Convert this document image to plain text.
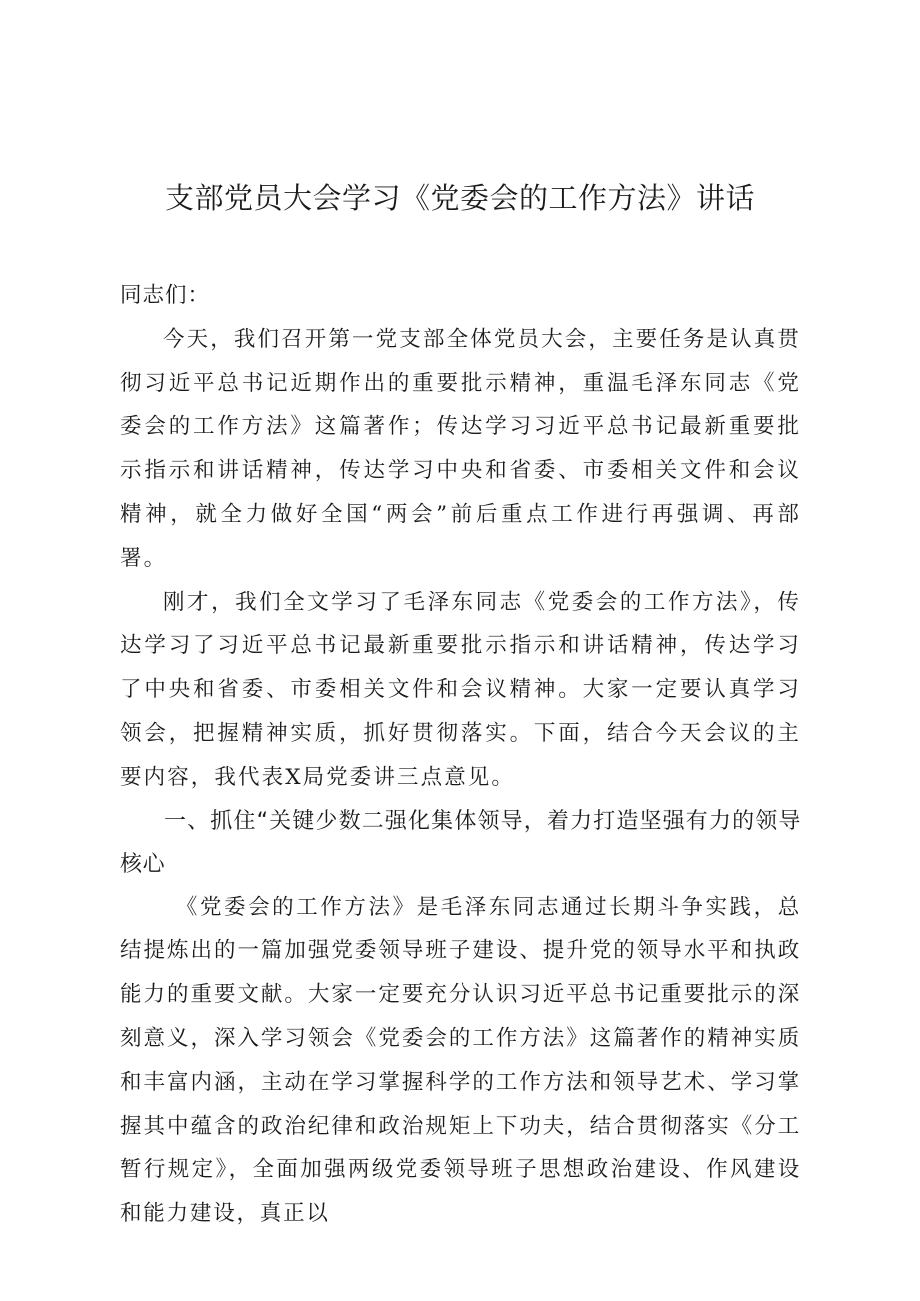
支部党员大会学习《党委会的工作方法》讲话

同志们：

今天，我们召开第一党支部全体党员大会，主要任务是认真贯彻习近平总书记近期作出的重要批示精神，重温毛泽东同志《党委会的工作方法》这篇著作；传达学习习近平总书记最新重要批示指示和讲话精神，传达学习中央和省委、市委相关文件和会议精神，就全力做好全国“两会”前后重点工作进行再强调、再部署。

刚才，我们全文学习了毛泽东同志《党委会的工作方法》，传达学习了习近平总书记最新重要批示指示和讲话精神，传达学习了中央和省委、市委相关文件和会议精神。大家一定要认真学习领会，把握精神实质，抓好贯彻落实。下面，结合今天会议的主要内容，我代表X局党委讲三点意见。

一、抓住“关键少数二强化集体领导，着力打造坚强有力的领导核心

《党委会的工作方法》是毛泽东同志通过长期斗争实践，总结提炼出的一篇加强党委领导班子建设、提升党的领导水平和执政能力的重要文献。大家一定要充分认识习近平总书记重要批示的深刻意义，深入学习领会《党委会的工作方法》这篇著作的精神实质和丰富内涵，主动在学习掌握科学的工作方法和领导艺术、学习掌握其中蕴含的政治纪律和政治规矩上下功夫，结合贯彻落实《分工暂行规定》，全面加强两级党委领导班子思想政治建设、作风建设和能力建设，真正以
